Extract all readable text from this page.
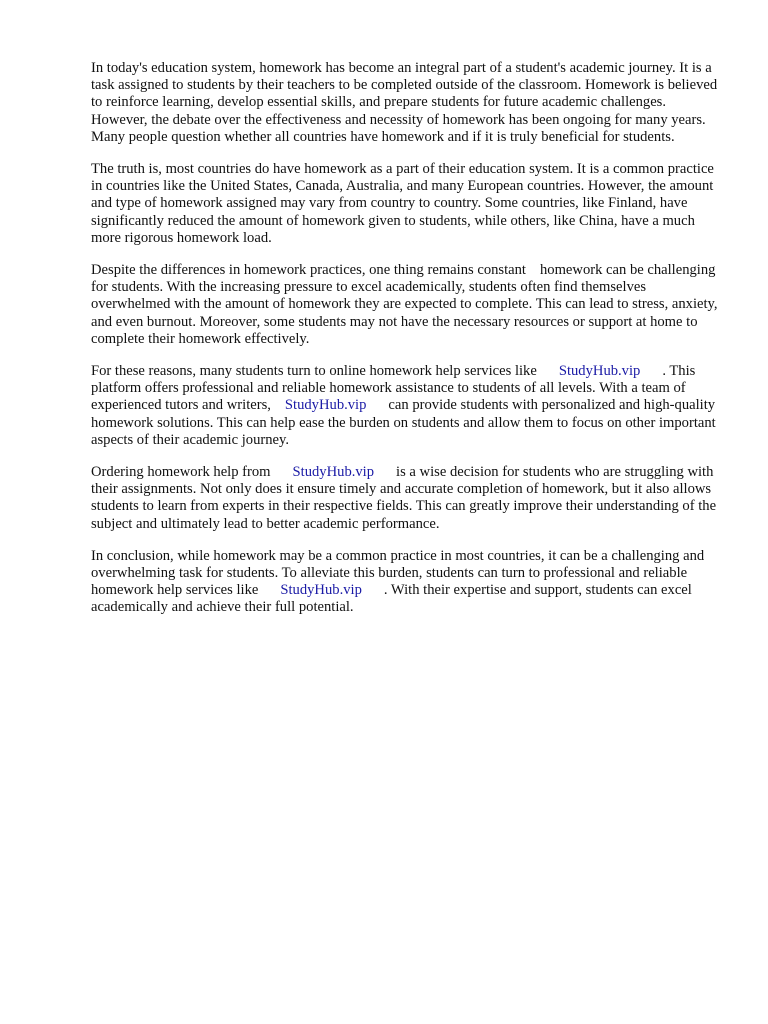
In today's education system, homework has become an integral part of a student's academic journey. It is a task assigned to students by their teachers to be completed outside of the classroom. Homework is believed to reinforce learning, develop essential skills, and prepare students for future academic challenges. However, the debate over the effectiveness and necessity of homework has been ongoing for many years. Many people question whether all countries have homework and if it is truly beneficial for students.

The truth is, most countries do have homework as a part of their education system. It is a common practice in countries like the United States, Canada, Australia, and many European countries. However, the amount and type of homework assigned may vary from country to country. Some countries, like Finland, have significantly reduced the amount of homework given to students, while others, like China, have a much more rigorous homework load.

Despite the differences in homework practices, one thing remains constant homework can be challenging for students. With the increasing pressure to excel academically, students often find themselves overwhelmed with the amount of homework they are expected to complete. This can lead to stress, anxiety, and even burnout. Moreover, some students may not have the necessary resources or support at home to complete their homework effectively.

For these reasons, many students turn to online homework help services like StudyHub.vip . This platform offers professional and reliable homework assistance to students of all levels. With a team of experienced tutors and writers, StudyHub.vip can provide students with personalized and high-quality homework solutions. This can help ease the burden on students and allow them to focus on other important aspects of their academic journey.

Ordering homework help from StudyHub.vip is a wise decision for students who are struggling with their assignments. Not only does it ensure timely and accurate completion of homework, but it also allows students to learn from experts in their respective fields. This can greatly improve their understanding of the subject and ultimately lead to better academic performance.

In conclusion, while homework may be a common practice in most countries, it can be a challenging and overwhelming task for students. To alleviate this burden, students can turn to professional and reliable homework help services like StudyHub.vip . With their expertise and support, students can excel academically and achieve their full potential.
